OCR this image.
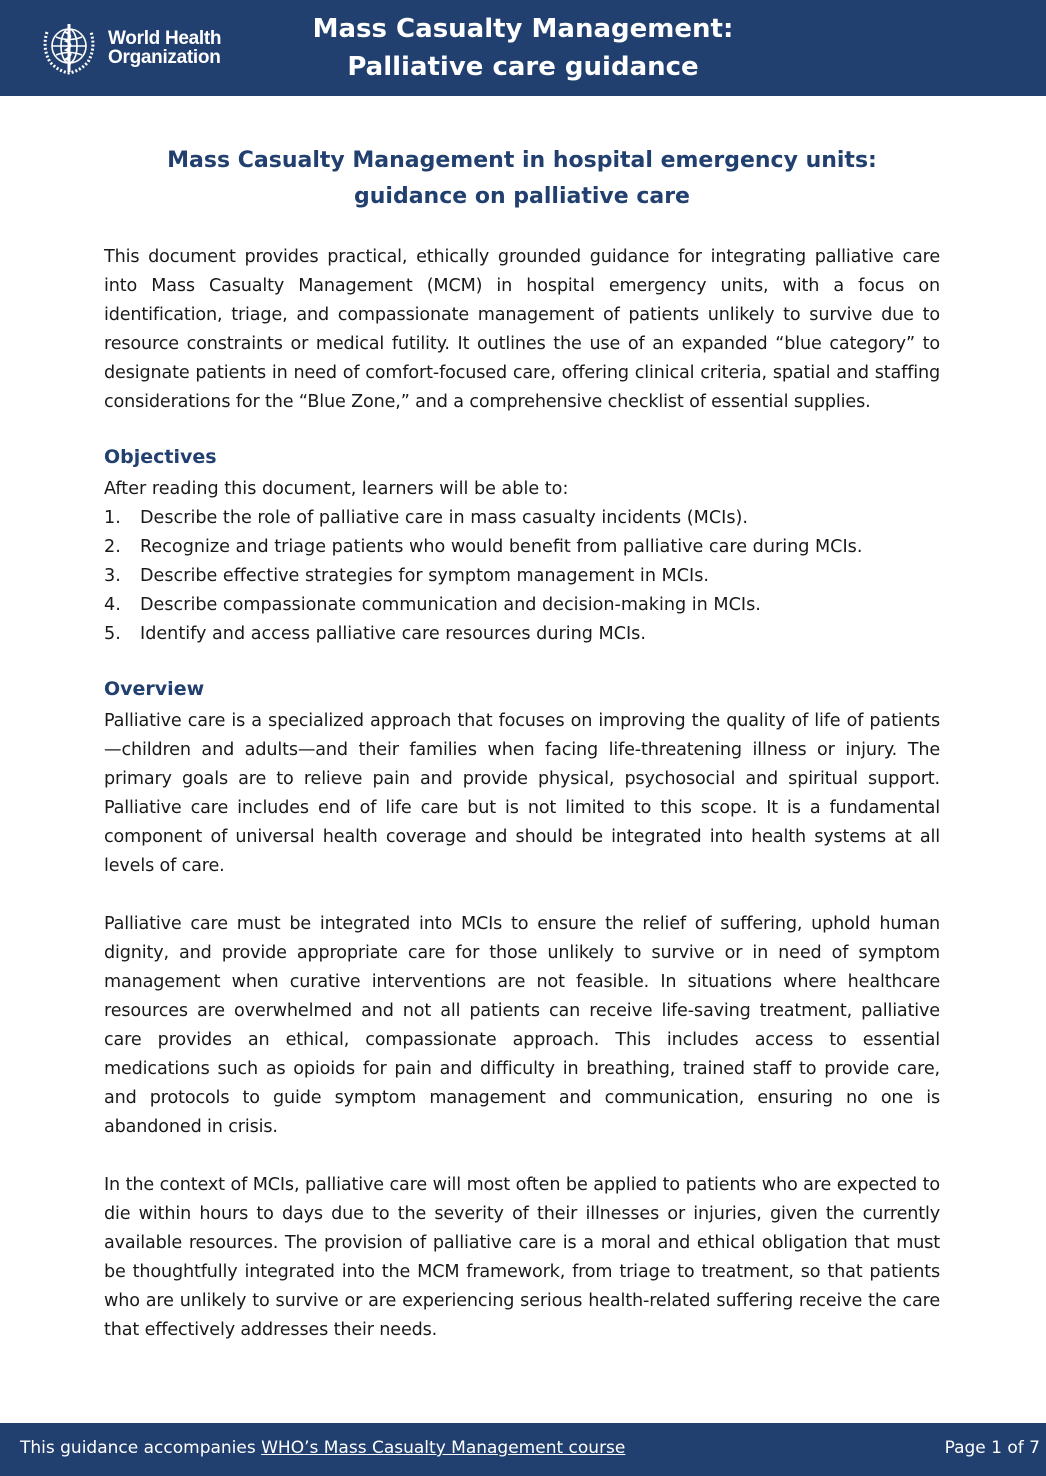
World Health
Organization
Mass Casualty Management:
Palliative care guidance
Mass Casualty Management in hospital emergency units:
guidance on palliative care

This document provides practical, ethically grounded guidance for integrating palliative care into Mass Casualty Management (MCM) in hospital emergency units, with a focus on identification, triage, and compassionate management of patients unlikely to survive due to resource constraints or medical futility. It outlines the use of an expanded “blue category” to designate patients in need of comfort-focused care, offering clinical criteria, spatial and staffing considerations for the “Blue Zone,” and a comprehensive checklist of essential supplies.

Objectives
After reading this document, learners will be able to:
1.	Describe the role of palliative care in mass casualty incidents (MCIs).
2.	Recognize and triage patients who would benefit from palliative care during MCIs.
3.	Describe effective strategies for symptom management in MCIs.
4.	Describe compassionate communication and decision-making in MCIs.
5.	Identify and access palliative care resources during MCIs.
Overview

Palliative care is a specialized approach that focuses on improving the quality of life of patients—children and adults—and their families when facing life-threatening illness or injury. The primary goals are to relieve pain and provide physical, psychosocial and spiritual support. Palliative care includes end of life care but is not limited to this scope. It is a fundamental component of universal health coverage and should be integrated into health systems at all levels of care.

Palliative care must be integrated into MCIs to ensure the relief of suffering, uphold human dignity, and provide appropriate care for those unlikely to survive or in need of symptom management when curative interventions are not feasible. In situations where healthcare resources are overwhelmed and not all patients can receive life-saving treatment, palliative care provides an ethical, compassionate approach. This includes access to essential medications such as opioids for pain and difficulty in breathing, trained staff to provide care, and protocols to guide symptom management and communication, ensuring no one is abandoned in crisis.

In the context of MCIs, palliative care will most often be applied to patients who are expected to die within hours to days due to the severity of their illnesses or injuries, given the currently available resources. The provision of palliative care is a moral and ethical obligation that must be thoughtfully integrated into the MCM framework, from triage to treatment, so that patients who are unlikely to survive or are experiencing serious health-related suffering receive the care that effectively addresses their needs.

This guidance accompanies WHO’s Mass Casualty Management course	Page 1 of 7
